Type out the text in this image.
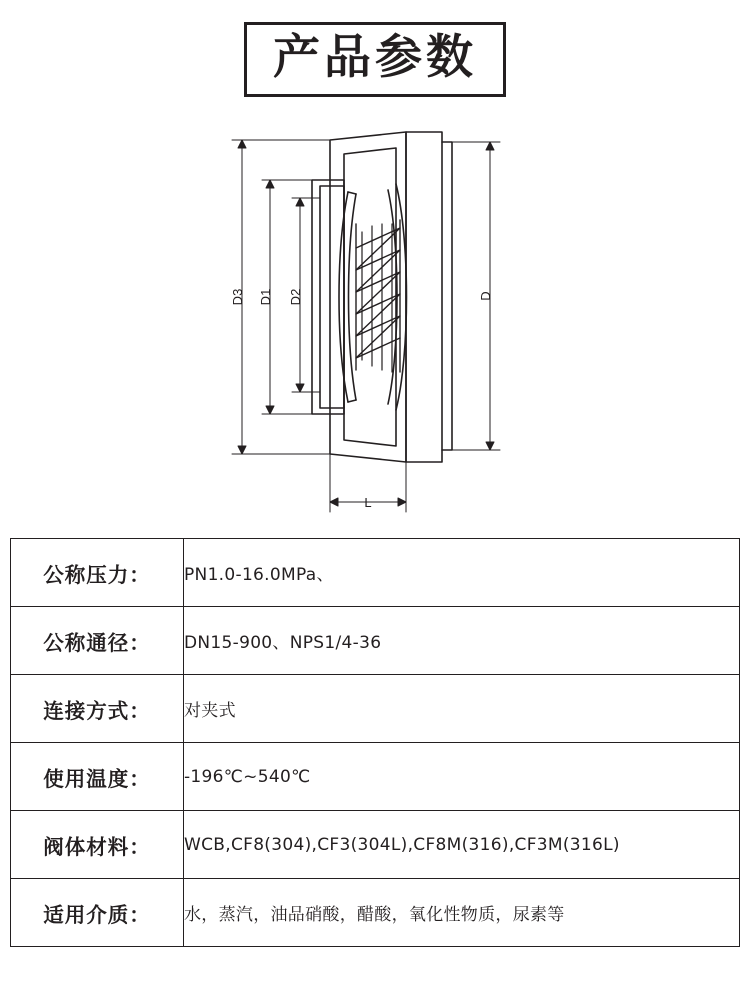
产品参数
D3 D1 D2	D
L
公称压力：	PN1.0-16.0MPa、
公称通径：	DN15-900、NPS1/4-36
连接方式：	对夹式
使用温度：	-196℃~540℃
阀体材料：	WCB,CF8(304),CF3(304L),CF8M(316),CF3M(316L)
适用介质：	水，蒸汽，油品硝酸，醋酸，氧化性物质，尿素等
